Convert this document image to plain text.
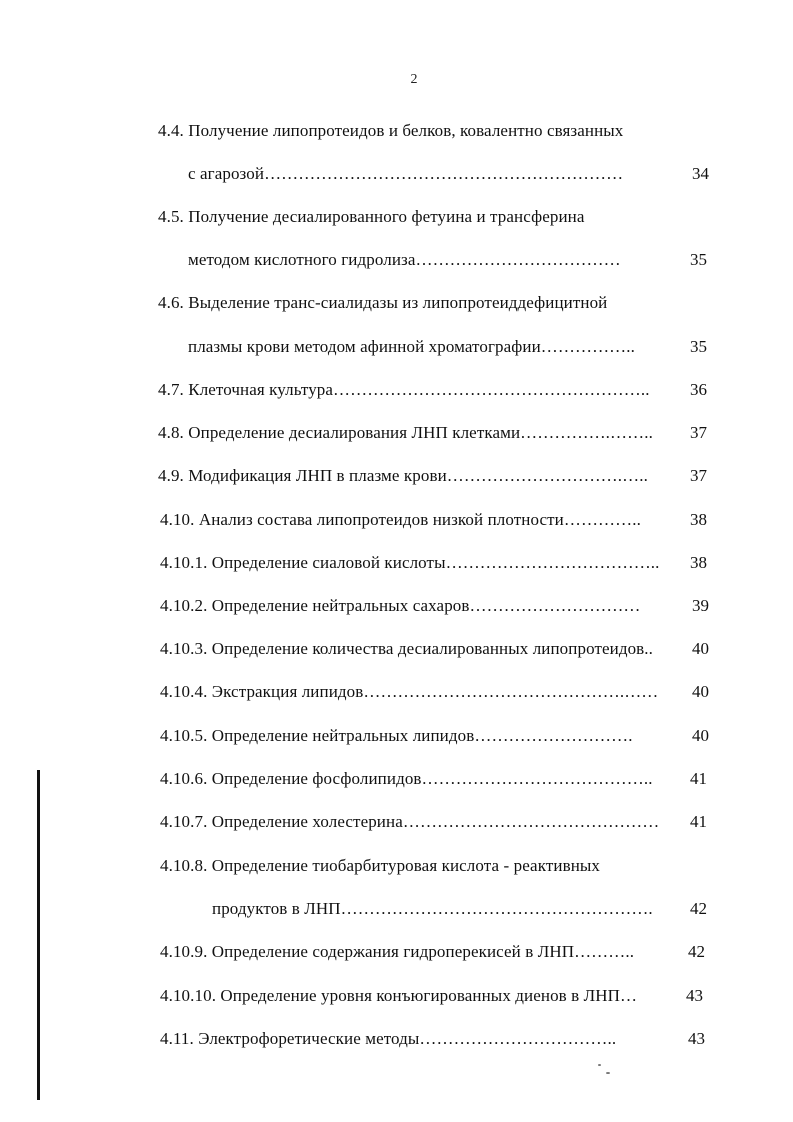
2
4.4. Получение липопротеидов и белков, ковалентно связанных
с агарозой………………………………………………………	34
4.5. Получение десиалированного фетуина и трансферина
методом кислотного гидролиза………………………………	35
4.6. Выделение транс-сиалидазы из липопротеиддефицитной
плазмы крови методом афинной хроматографии……………..	35
4.7. Клеточная культура……………………………………………….. 36
4.8. Определение десиалирования ЛНП клетками…………….…….. 37
4.9. Модификация ЛНП в плазме крови………………………….….. 37
4.10. Анализ состава липопротеидов низкой плотности…………..	38
4.10.1. Определение сиаловой кислоты……………………………….. 38
4.10.2. Определение нейтральных сахаров…………………………	39
4.10.3. Определение количества десиалированных липопротеидов.. 40
4.10.4. Экстракция липидов……………………………………….…… 40
4.10.5. Определение нейтральных липидов……………………….	40
4.10.6. Определение фосфолипидов………………………………….. 41
4.10.7. Определение холестерина……………………………………… 41
4.10.8. Определение тиобарбитуровая кислота - реактивных
продуктов в ЛНП………………………………………………. 42
4.10.9. Определение содержания гидроперекисей в ЛНП………..	42
4.10.10. Определение уровня конъюгированных диенов в ЛНП…	43
4.11. Электрофоретические методы……………………………..	43
